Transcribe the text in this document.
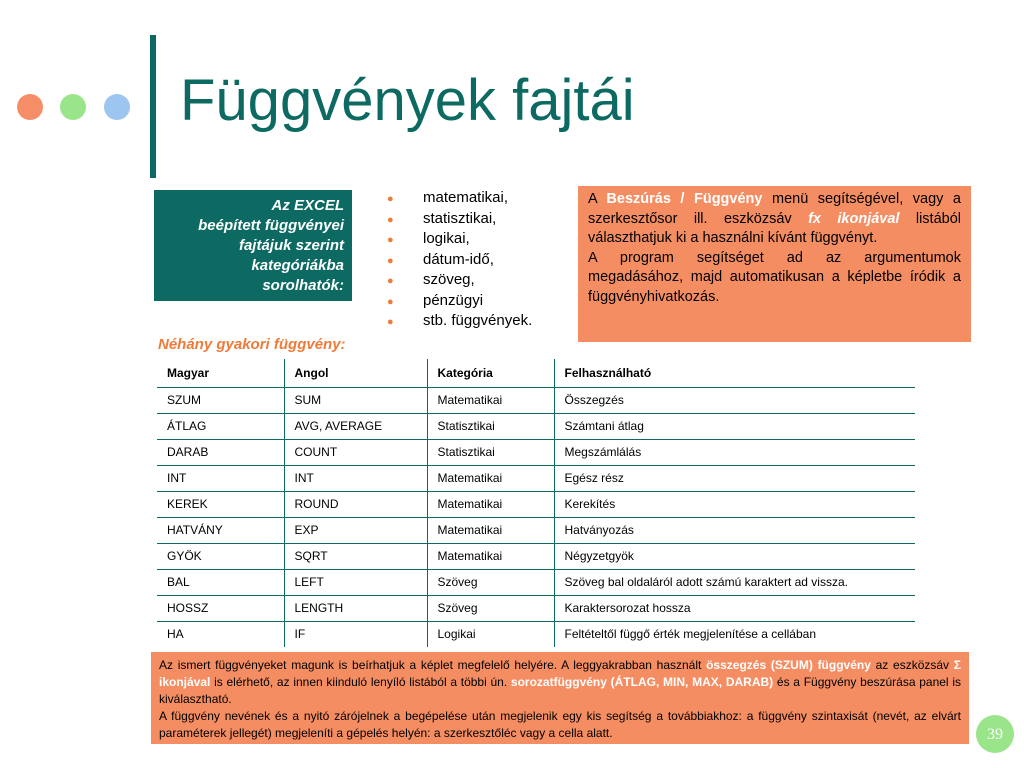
Függvények fajtái
Az EXCEL
beépített függvényei
fajtájuk szerint
kategóriákba
sorolhatók:
● matematikai,
● statisztikai,
● logikai,
● dátum-idő,
● szöveg,
● pénzügyi
● stb. függvények.
A Beszúrás / Függvény menü segítségével, vagy a szerkesztősor ill. eszközsáv fx ikonjával listából választhatjuk ki a használni kívánt függvényt.
A program segítséget ad az argumentumok megadásához, majd automatikusan a képletbe íródik a függvényhivatkozás.
Néhány gyakori függvény:
Magyar	Angol	Kategória	Felhasználható
SZUM	SUM	Matematikai	Összegzés
ÁTLAG	AVG, AVERAGE	Statisztikai	Számtani átlag
DARAB	COUNT	Statisztikai	Megszámlálás
INT	INT	Matematikai	Egész rész
KEREK	ROUND	Matematikai	Kerekítés
HATVÁNY	EXP	Matematikai	Hatványozás
GYÖK	SQRT	Matematikai	Négyzetgyök
BAL	LEFT	Szöveg	Szöveg bal oldaláról adott számú karaktert ad vissza.
HOSSZ	LENGTH	Szöveg	Karaktersorozat hossza
HA	IF	Logikai	Feltételtől függő érték megjelenítése a cellában
Az ismert függvényeket magunk is beírhatjuk a képlet megfelelő helyére. A leggyakrabban használt összegzés (SZUM) függvény az eszközsáv Σ ikonjával is elérhető, az innen kiinduló lenyíló listából a többi ún. sorozatfüggvény (ÁTLAG, MIN, MAX, DARAB) és a Függvény beszúrása panel is kiválasztható.
A függvény nevének és a nyitó zárójelnek a begépelése után megjelenik egy kis segítség a továbbiakhoz: a függvény szintaxisát (nevét, az elvárt paraméterek jellegét) megjeleníti a gépelés helyén: a szerkesztőléc vagy a cella alatt.	39
